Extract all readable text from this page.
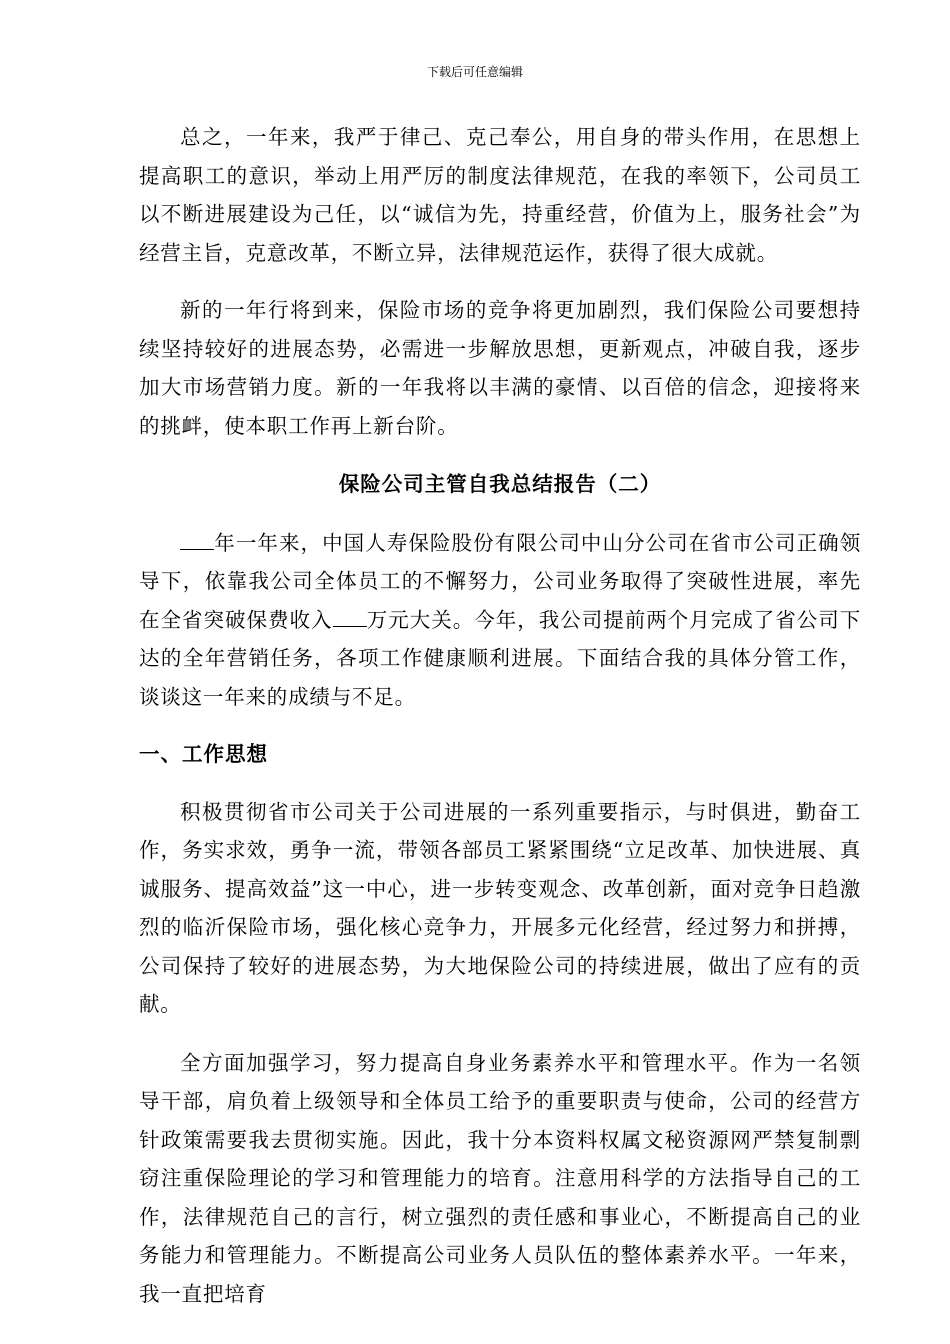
下载后可任意编辑

总之，一年来，我严于律己、克己奉公，用自身的带头作用，在思想上提高职工的意识，举动上用严厉的制度法律规范，在我的率领下，公司员工以不断进展建设为己任，以“诚信为先，持重经营，价值为上，服务社会”为经营主旨，克意改革，不断立异，法律规范运作，获得了很大成就。

新的一年行将到来，保险市场的竞争将更加剧烈，我们保险公司要想持续坚持较好的进展态势，必需进一步解放思想，更新观点，冲破自我，逐步加大市场营销力度。新的一年我将以丰满的豪情、以百倍的信念，迎接将来的挑衅，使本职工作再上新台阶。

保险公司主管自我总结报告（二）

年一年来，中国人寿保险股份有限公司中山分公司在省市公司正确领导下，依靠我公司全体员工的不懈努力，公司业务取得了突破性进展，率先在全省突破保费收入 万元大关。今年，我公司提前两个月完成了省公司下达的全年营销任务，各项工作健康顺利进展。下面结合我的具体分管工作，谈谈这一年来的成绩与不足。

一、工作思想

积极贯彻省市公司关于公司进展的一系列重要指示，与时俱进，勤奋工作，务实求效，勇争一流，带领各部员工紧紧围绕“立足改革、加快进展、真诚服务、提高效益”这一中心，进一步转变观念、改革创新，面对竞争日趋激烈的临沂保险市场，强化核心竞争力，开展多元化经营，经过努力和拼搏，公司保持了较好的进展态势，为大地保险公司的持续进展，做出了应有的贡献。

全方面加强学习，努力提高自身业务素养水平和管理水平。作为一名领导干部，肩负着上级领导和全体员工给予的重要职责与使命，公司的经营方针政策需要我去贯彻实施。因此，我十分本资料权属文秘资源网严禁复制剽窃注重保险理论的学习和管理能力的培育。注意用科学的方法指导自己的工作，法律规范自己的言行，树立强烈的责任感和事业心，不断提高自己的业务能力和管理能力。不断提高公司业务人员队伍的整体素养水平。一年来，我一直把培育
